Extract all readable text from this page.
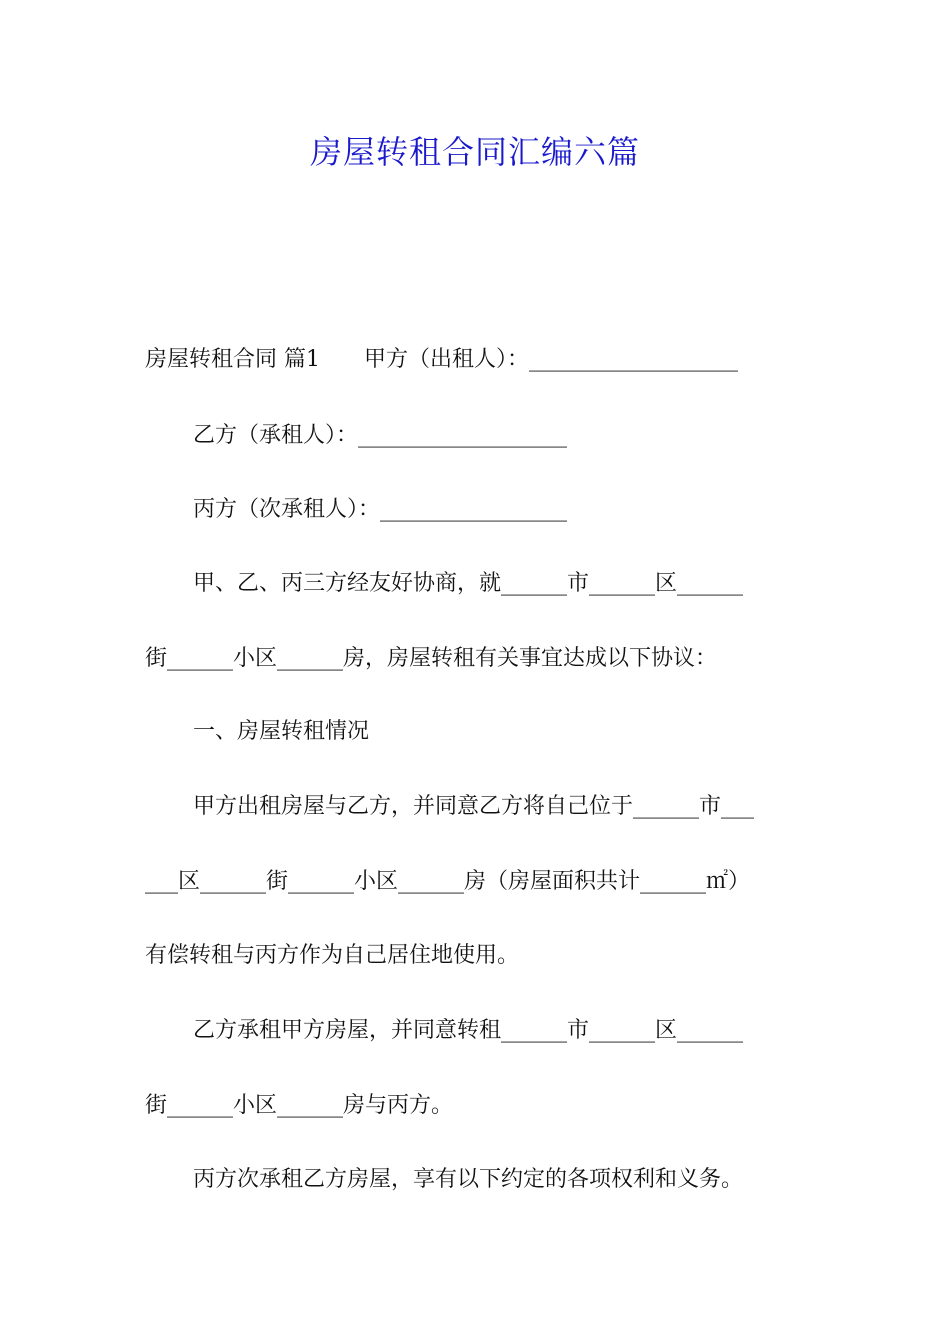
房屋转租合同汇编六篇
房屋转租合同 篇1 甲方（出租人）：___________________
乙方（承租人）：___________________
丙方（次承租人）：_________________
甲、乙、丙三方经友好协商，就______市______区______
街______小区______房，房屋转租有关事宜达成以下协议：
一、房屋转租情况
甲方出租房屋与乙方，并同意乙方将自己位于______市___
___区______街______小区______房（房屋面积共计______㎡）
有偿转租与丙方作为自己居住地使用。
乙方承租甲方房屋，并同意转租______市______区______
街______小区______房与丙方。
丙方次承租乙方房屋，享有以下约定的各项权利和义务。
